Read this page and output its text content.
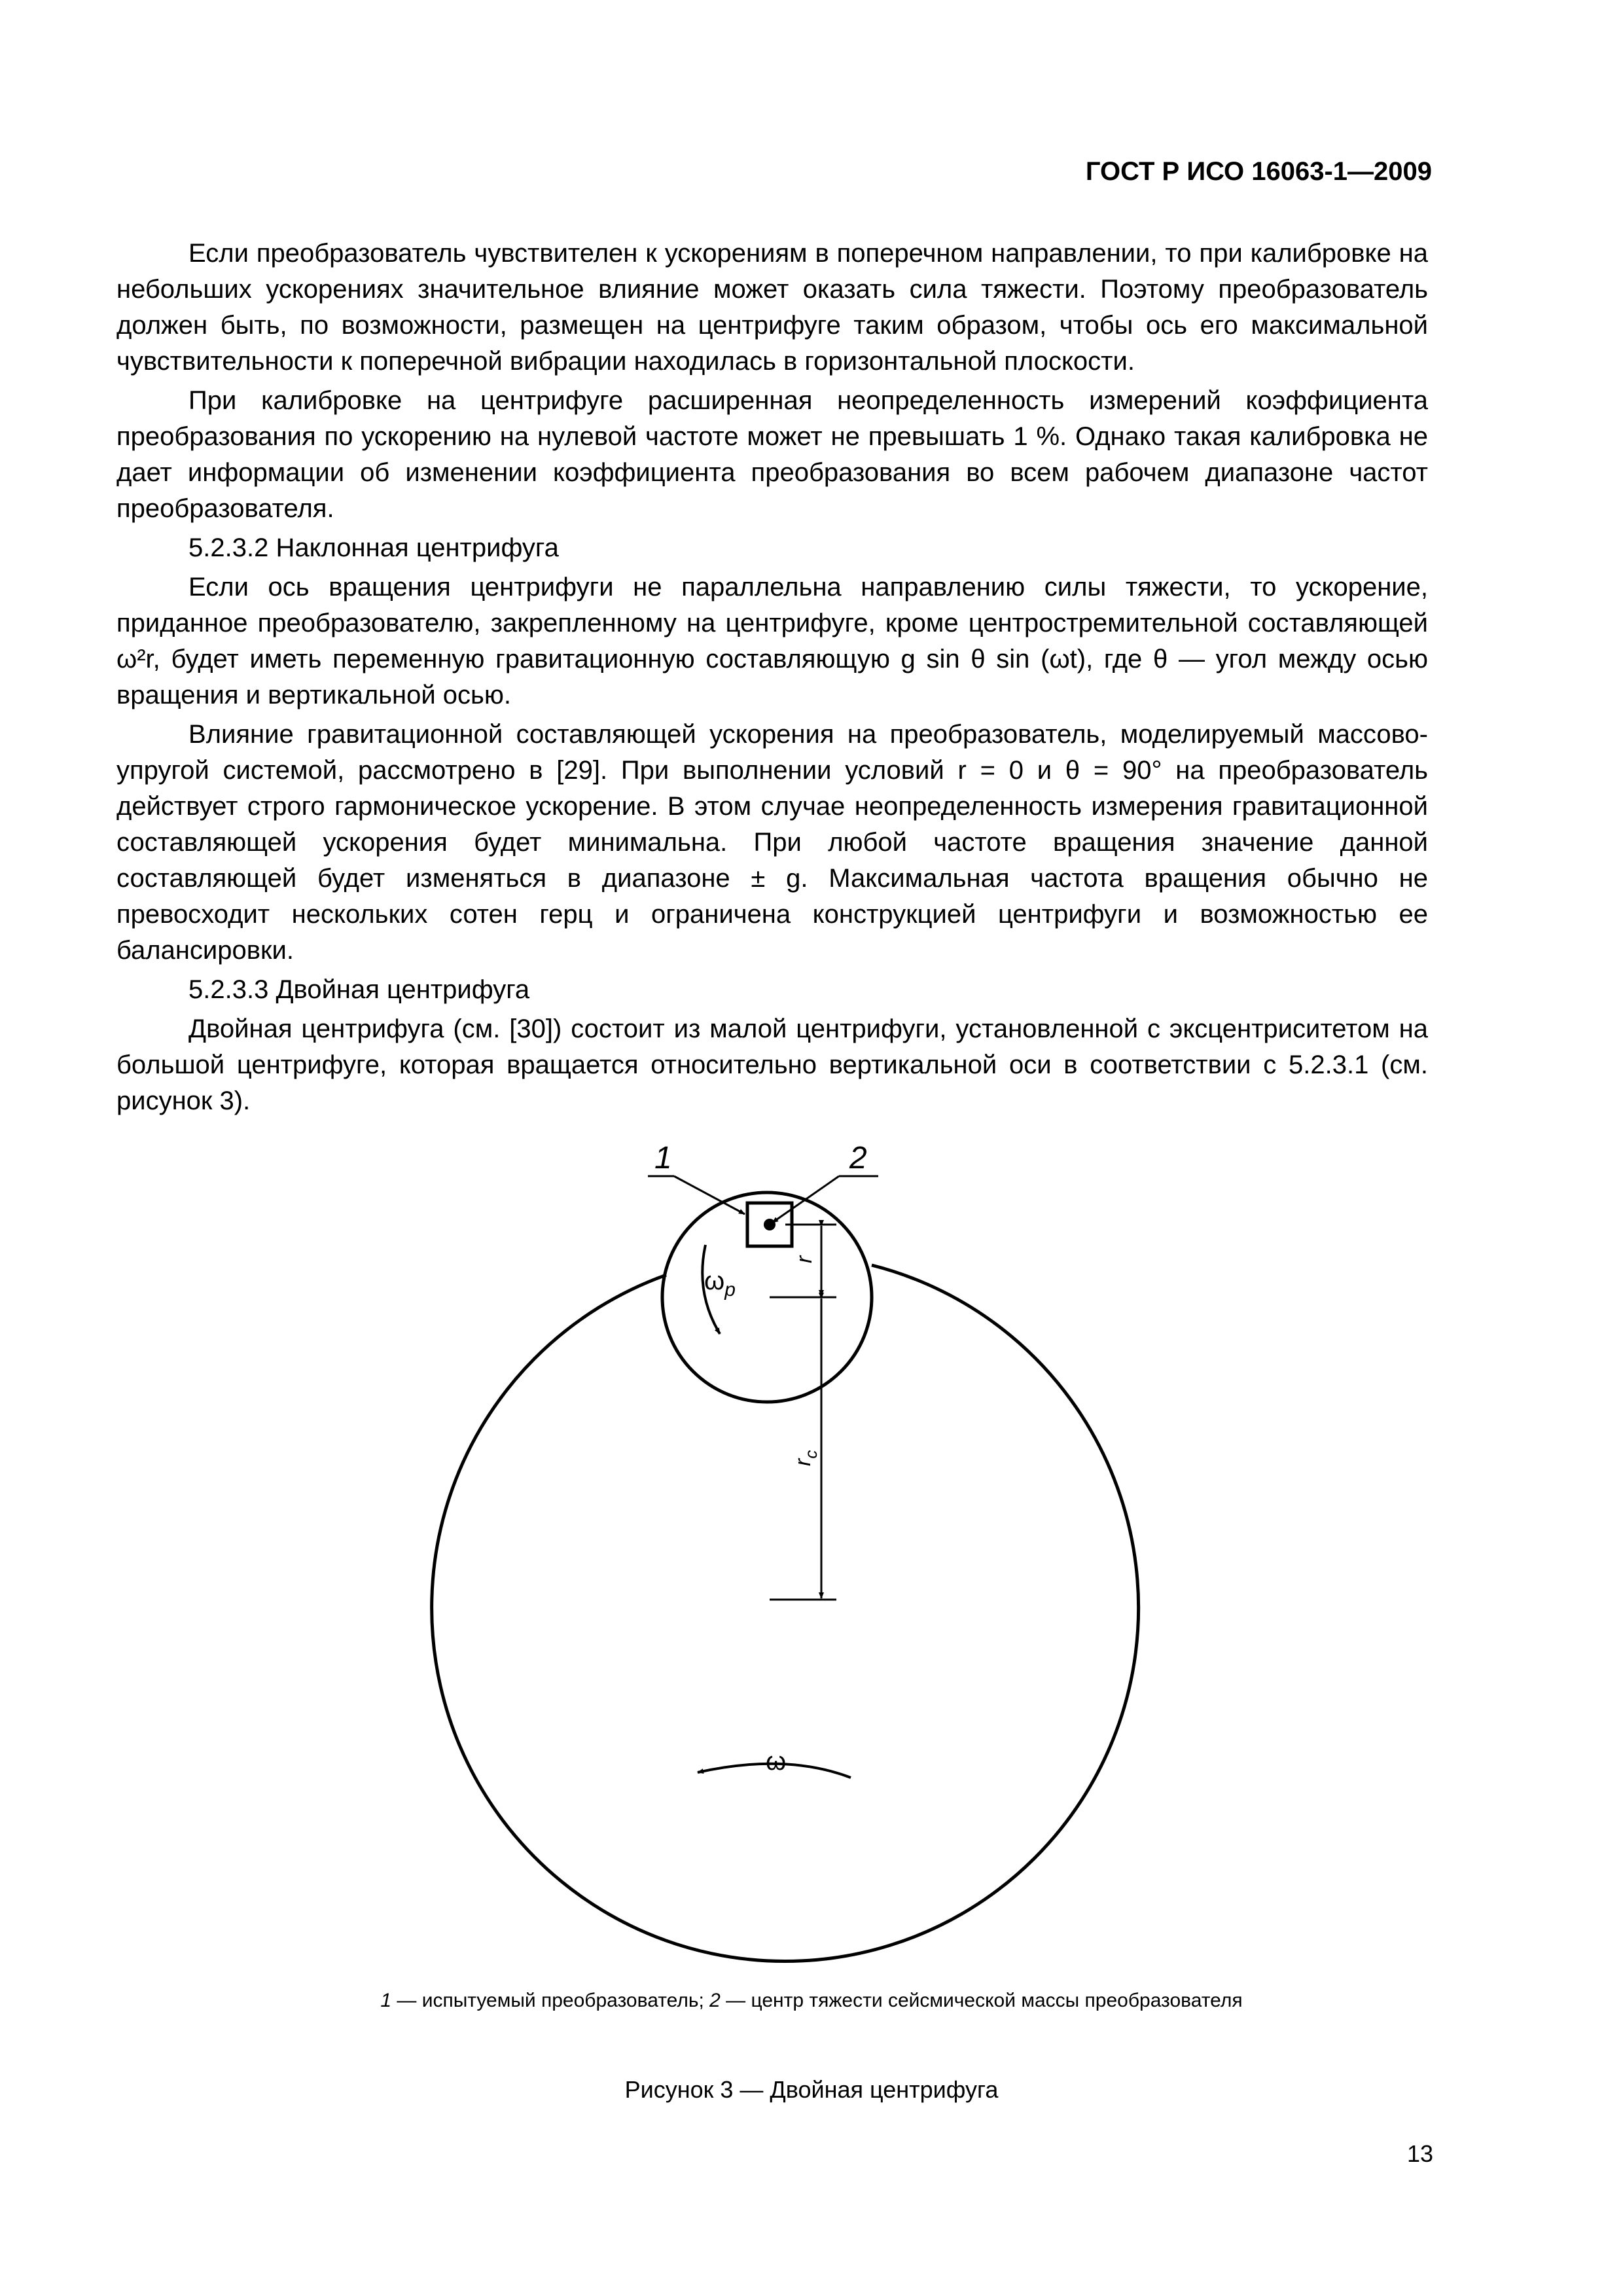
ГОСТ Р ИСО 16063-1—2009

Если преобразователь чувствителен к ускорениям в поперечном направлении, то при калибровке на небольших ускорениях значительное влияние может оказать сила тяжести. Поэтому преобразователь должен быть, по возможности, размещен на центрифуге таким образом, чтобы ось его максимальной чувствительности к поперечной вибрации находилась в горизонтальной плоскости.

При калибровке на центрифуге расширенная неопределенность измерений коэффициента преобразования по ускорению на нулевой частоте может не превышать 1 %. Однако такая калибровка не дает информации об изменении коэффициента преобразования во всем рабочем диапазоне частот преобразователя.

5.2.3.2 Наклонная центрифуга

Если ось вращения центрифуги не параллельна направлению силы тяжести, то ускорение, приданное преобразователю, закрепленному на центрифуге, кроме центростремительной составляющей ω²r, будет иметь переменную гравитационную составляющую g sin θ sin (ωt), где θ — угол между осью вращения и вертикальной осью.

Влияние гравитационной составляющей ускорения на преобразователь, моделируемый массово-упругой системой, рассмотрено в [29]. При выполнении условий r = 0 и θ = 90° на преобразователь действует строго гармоническое ускорение. В этом случае неопределенность измерения гравитационной составляющей ускорения будет минимальна. При любой частоте вращения значение данной составляющей будет изменяться в диапазоне ± g. Максимальная частота вращения обычно не превосходит нескольких сотен герц и ограничена конструкцией центрифуги и возможностью ее балансировки.

5.2.3.3 Двойная центрифуга

Двойная центрифуга (см. [30]) состоит из малой центрифуги, установленной с эксцентриситетом на большой центрифуге, которая вращается относительно вертикальной оси в соответствии с 5.2.3.1 (см. рисунок 3).

1	2
r
$r_c$
$\omega_p$
ω
1 — испытуемый преобразователь; 2 — центр тяжести сейсмической массы преобразователя
Рисунок 3 — Двойная центрифуга
13
